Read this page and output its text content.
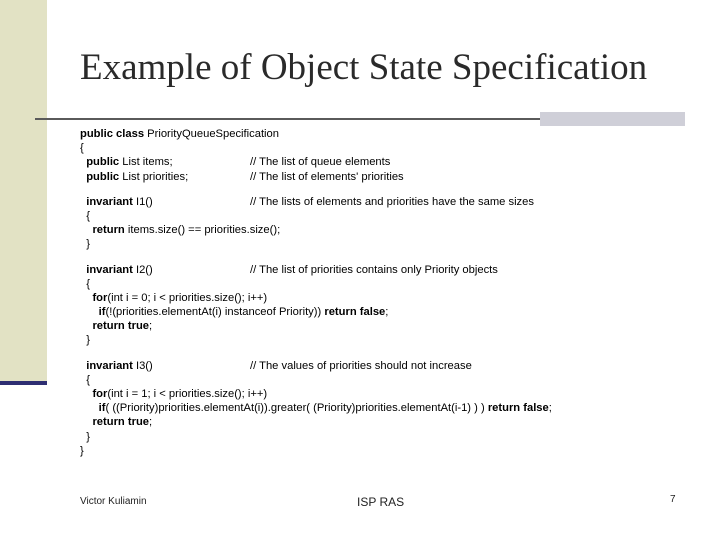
Example of Object State Specification
public class PriorityQueueSpecification
{
public List items;	// The list of queue elements
public List priorities;	// The list of elements' priorities
invariant I1()	// The lists of elements and priorities have the same sizes
{
return items.size() == priorities.size();
}
invariant I2()	// The list of priorities contains only Priority objects
{
for(int i = 0; i < priorities.size(); i++)
if(!(priorities.elementAt(i) instanceof Priority)) return false;
return true;
}
invariant I3()	// The values of priorities should not increase
{
for(int i = 1; i < priorities.size(); i++)
if( ((Priority)priorities.elementAt(i)).greater( (Priority)priorities.elementAt(i-1) ) ) return false;
return true;
}
}
Victor Kuliamin	ISP RAS	7
